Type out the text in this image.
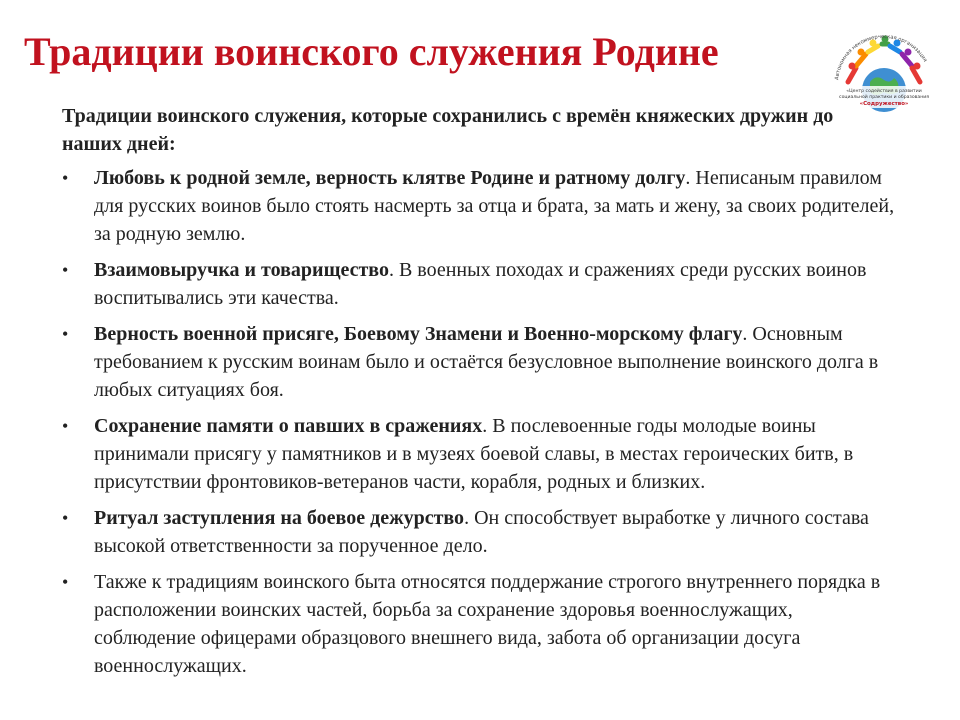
Традиции воинского служения Родине
Автономная некоммерческая организация
«Центр содействия в развитии
социальной практики и образования
«Содружество»
Традиции воинского служения, которые сохранились с времён княжеских дружин до наших дней:
• Любовь к родной земле, верность клятве Родине и ратному долгу. Неписаным правилом для русских воинов было стоять насмерть за отца и брата, за мать и жену, за своих родителей, за родную землю.
• Взаимовыручка и товарищество. В военных походах и сражениях среди русских воинов воспитывались эти качества.
• Верность военной присяге, Боевому Знамени и Военно-морскому флагу. Основным требованием к русским воинам было и остаётся безусловное выполнение воинского долга в любых ситуациях боя.
• Сохранение памяти о павших в сражениях. В послевоенные годы молодые воины принимали присягу у памятников и в музеях боевой славы, в местах героических битв, в присутствии фронтовиков-ветеранов части, корабля, родных и близких.
• Ритуал заступления на боевое дежурство. Он способствует выработке у личного состава высокой ответственности за порученное дело.
• Также к традициям воинского быта относятся поддержание строгого внутреннего порядка в расположении воинских частей, борьба за сохранение здоровья военнослужащих, соблюдение офицерами образцового внешнего вида, забота об организации досуга военнослужащих.
